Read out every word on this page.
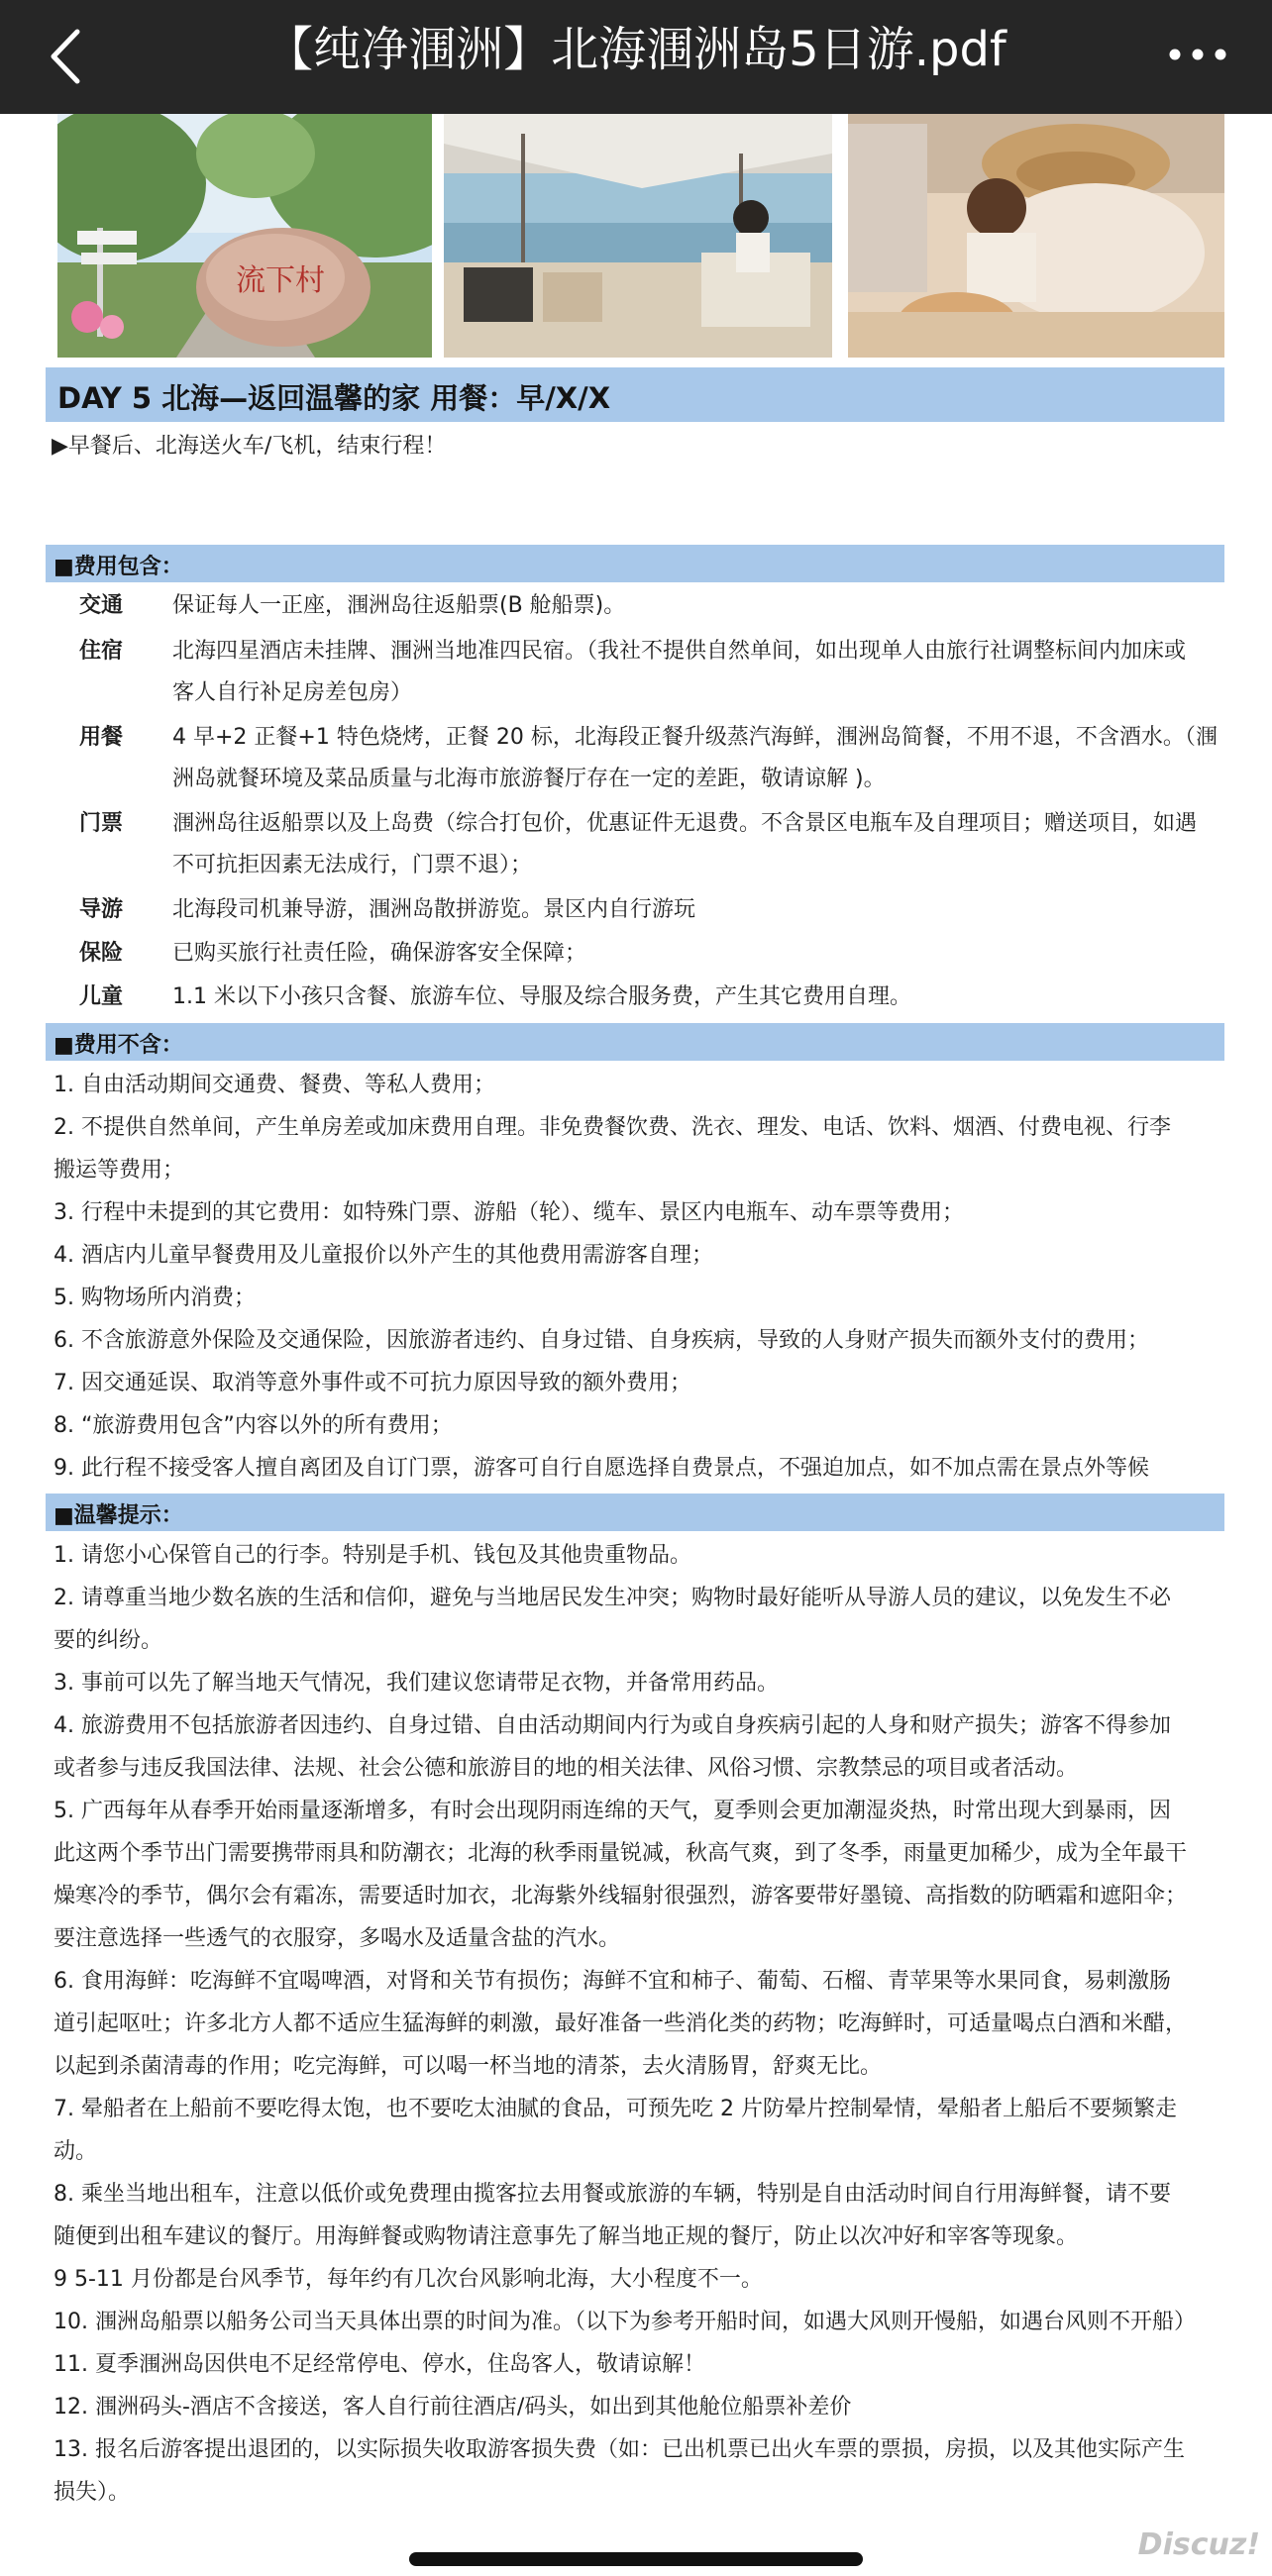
【纯净涠洲】北海涠洲岛5日游.pdf
流下村
DAY 5 北海—返回温馨的家 用餐：早/X/X
▶早餐后、北海送火车/飞机，结束行程！
■费用包含：
交通 保证每人一正座，涠洲岛往返船票(B 舱船票)。
住宿 北海四星酒店未挂牌、涠洲当地准四民宿。（我社不提供自然单间，如出现单人由旅行社调整标间内加床或
客人自行补足房差包房）
用餐 4 早+2 正餐+1 特色烧烤，正餐 20 标，北海段正餐升级蒸汽海鲜，涠洲岛简餐，不用不退，不含酒水。（涠
洲岛就餐环境及菜品质量与北海市旅游餐厅存在一定的差距，敬请谅解 )。
门票 涠洲岛往返船票以及上岛费（综合打包价，优惠证件无退费。不含景区电瓶车及自理项目；赠送项目，如遇
不可抗拒因素无法成行，门票不退）；
导游 北海段司机兼导游，涠洲岛散拼游览。景区内自行游玩
保险 已购买旅行社责任险，确保游客安全保障；
儿童 1.1 米以下小孩只含餐、旅游车位、导服及综合服务费，产生其它费用自理。
■费用不含：
1. 自由活动期间交通费、餐费、等私人费用；
2. 不提供自然单间，产生单房差或加床费用自理。非免费餐饮费、洗衣、理发、电话、饮料、烟酒、付费电视、行李
搬运等费用；
3. 行程中未提到的其它费用：如特殊门票、游船（轮）、缆车、景区内电瓶车、动车票等费用；
4. 酒店内儿童早餐费用及儿童报价以外产生的其他费用需游客自理；
5. 购物场所内消费；
6. 不含旅游意外保险及交通保险，因旅游者违约、自身过错、自身疾病，导致的人身财产损失而额外支付的费用；
7. 因交通延误、取消等意外事件或不可抗力原因导致的额外费用；
8. “旅游费用包含”内容以外的所有费用；
9. 此行程不接受客人擅自离团及自订门票，游客可自行自愿选择自费景点，不强迫加点，如不加点需在景点外等候
■温馨提示：
1. 请您小心保管自己的行李。特别是手机、钱包及其他贵重物品。
2. 请尊重当地少数名族的生活和信仰，避免与当地居民发生冲突；购物时最好能听从导游人员的建议，以免发生不必
要的纠纷。
3. 事前可以先了解当地天气情况，我们建议您请带足衣物，并备常用药品。
4. 旅游费用不包括旅游者因违约、自身过错、自由活动期间内行为或自身疾病引起的人身和财产损失；游客不得参加
或者参与违反我国法律、法规、社会公德和旅游目的地的相关法律、风俗习惯、宗教禁忌的项目或者活动。
5. 广西每年从春季开始雨量逐渐增多，有时会出现阴雨连绵的天气，夏季则会更加潮湿炎热，时常出现大到暴雨，因
此这两个季节出门需要携带雨具和防潮衣；北海的秋季雨量锐减，秋高气爽，到了冬季，雨量更加稀少，成为全年最干
燥寒冷的季节，偶尔会有霜冻，需要适时加衣，北海紫外线辐射很强烈，游客要带好墨镜、高指数的防晒霜和遮阳伞；
要注意选择一些透气的衣服穿，多喝水及适量含盐的汽水。
6. 食用海鲜：吃海鲜不宜喝啤酒，对肾和关节有损伤；海鲜不宜和柿子、葡萄、石榴、青苹果等水果同食，易刺激肠
道引起呕吐；许多北方人都不适应生猛海鲜的刺激，最好准备一些消化类的药物；吃海鲜时，可适量喝点白酒和米醋，
以起到杀菌清毒的作用；吃完海鲜，可以喝一杯当地的清茶，去火清肠胃，舒爽无比。
7. 晕船者在上船前不要吃得太饱，也不要吃太油腻的食品，可预先吃 2 片防晕片控制晕情，晕船者上船后不要频繁走
动。
8. 乘坐当地出租车，注意以低价或免费理由揽客拉去用餐或旅游的车辆，特别是自由活动时间自行用海鲜餐，请不要
随便到出租车建议的餐厅。用海鲜餐或购物请注意事先了解当地正规的餐厅，防止以次冲好和宰客等现象。
9 5-11 月份都是台风季节，每年约有几次台风影响北海，大小程度不一。
10. 涠洲岛船票以船务公司当天具体出票的时间为准。（以下为参考开船时间，如遇大风则开慢船，如遇台风则不开船）
11. 夏季涠洲岛因供电不足经常停电、停水，住岛客人，敬请谅解！
12. 涠洲码头-酒店不含接送，客人自行前往酒店/码头，如出到其他舱位船票补差价
13. 报名后游客提出退团的，以实际损失收取游客损失费（如：已出机票已出火车票的票损，房损，以及其他实际产生
损失）。
Discuz!
